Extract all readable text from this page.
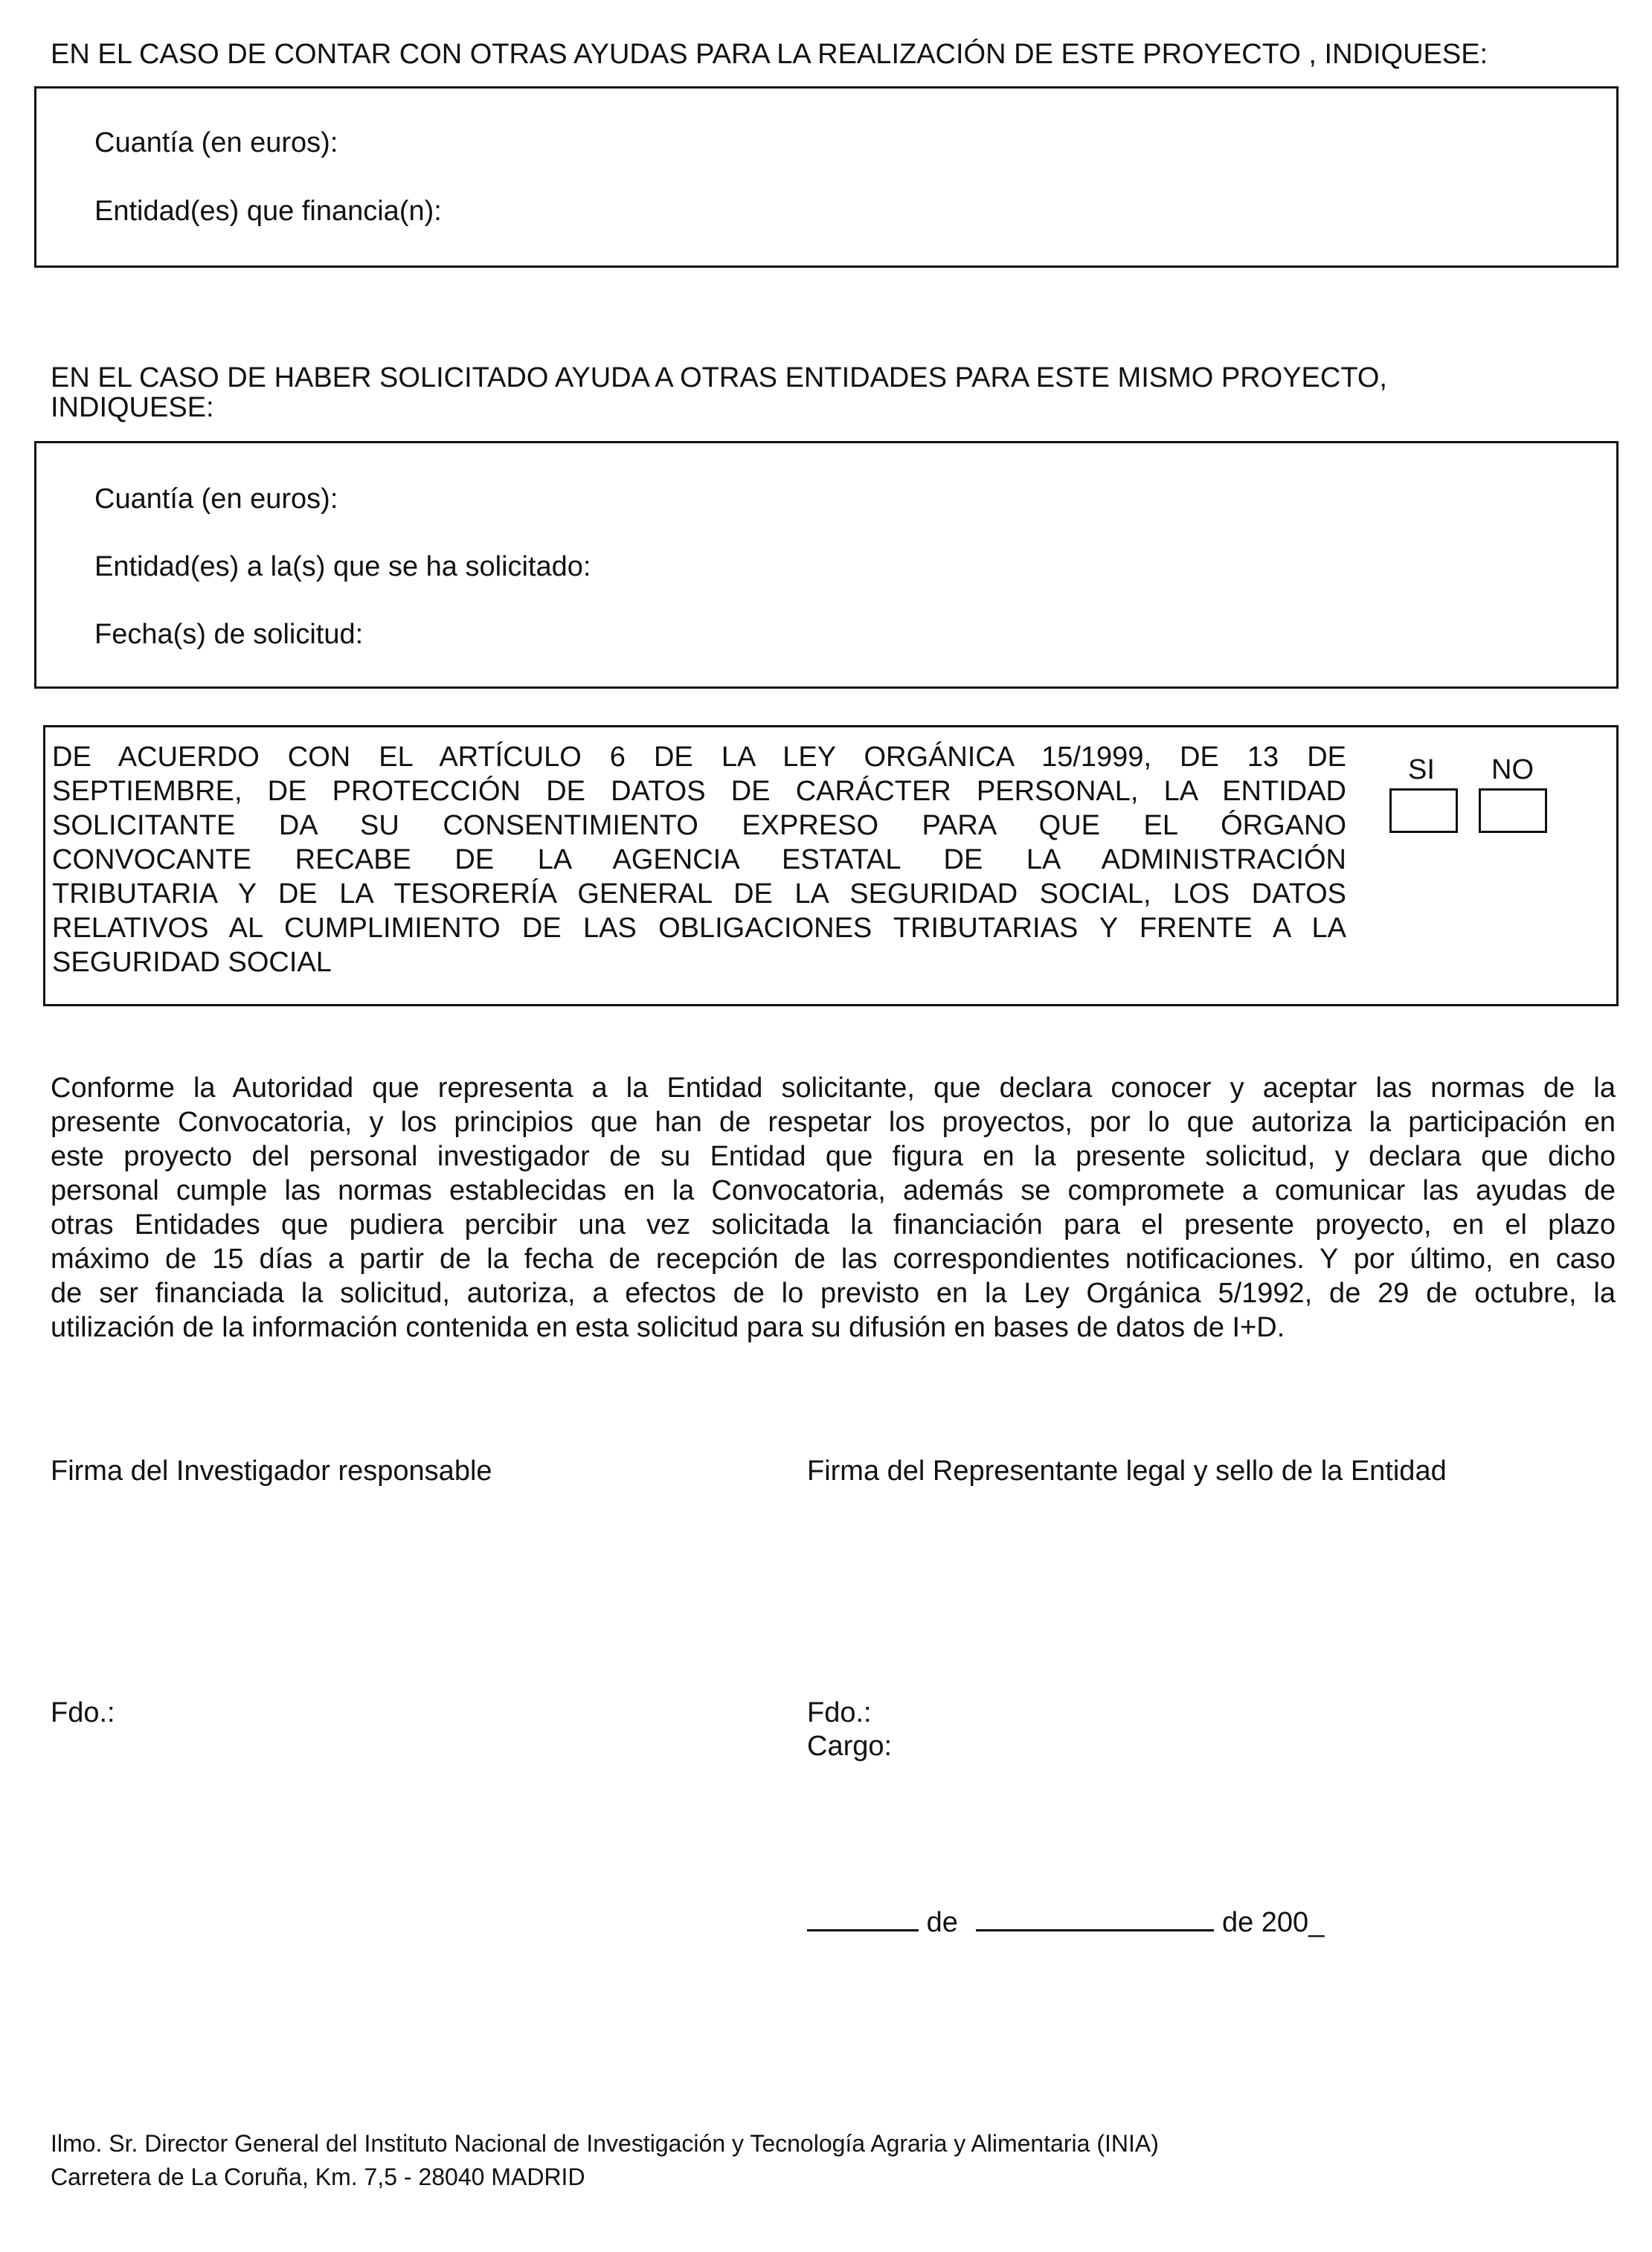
EN EL CASO DE CONTAR CON OTRAS AYUDAS PARA LA REALIZACIÓN DE ESTE PROYECTO , INDIQUESE:
Cuantía (en euros):
Entidad(es) que financia(n):
EN EL CASO DE HABER SOLICITADO AYUDA A OTRAS ENTIDADES PARA ESTE MISMO PROYECTO,
INDIQUESE:
Cuantía (en euros):
Entidad(es) a la(s) que se ha solicitado:
Fecha(s) de solicitud:
DE ACUERDO CON EL ARTÍCULO 6 DE LA LEY ORGÁNICA 15/1999, DE 13 DE
SEPTIEMBRE, DE PROTECCIÓN DE DATOS DE CARÁCTER PERSONAL, LA ENTIDAD
SOLICITANTE DA SU CONSENTIMIENTO EXPRESO PARA QUE EL ÓRGANO
CONVOCANTE RECABE DE LA AGENCIA ESTATAL DE LA ADMINISTRACIÓN
TRIBUTARIA Y DE LA TESORERÍA GENERAL DE LA SEGURIDAD SOCIAL, LOS DATOS
RELATIVOS AL CUMPLIMIENTO DE LAS OBLIGACIONES TRIBUTARIAS Y FRENTE A LA
SEGURIDAD SOCIAL
SI NO
Conforme la Autoridad que representa a la Entidad solicitante, que declara conocer y aceptar las normas de la
presente Convocatoria, y los principios que han de respetar los proyectos, por lo que autoriza la participación en
este proyecto del personal investigador de su Entidad que figura en la presente solicitud, y declara que dicho
personal cumple las normas establecidas en la Convocatoria, además se compromete a comunicar las ayudas de
otras Entidades que pudiera percibir una vez solicitada la financiación para el presente proyecto, en el plazo
máximo de 15 días a partir de la fecha de recepción de las correspondientes notificaciones. Y por último, en caso
de ser financiada la solicitud, autoriza, a efectos de lo previsto en la Ley Orgánica 5/1992, de 29 de octubre, la
utilización de la información contenida en esta solicitud para su difusión en bases de datos de I+D.
Firma del Investigador responsable	Firma del Representante legal y sello de la Entidad
Fdo.:	Fdo.:
Cargo:
de	de 200_
Ilmo. Sr. Director General del Instituto Nacional de Investigación y Tecnología Agraria y Alimentaria (INIA)
Carretera de La Coruña, Km. 7,5 - 28040 MADRID
